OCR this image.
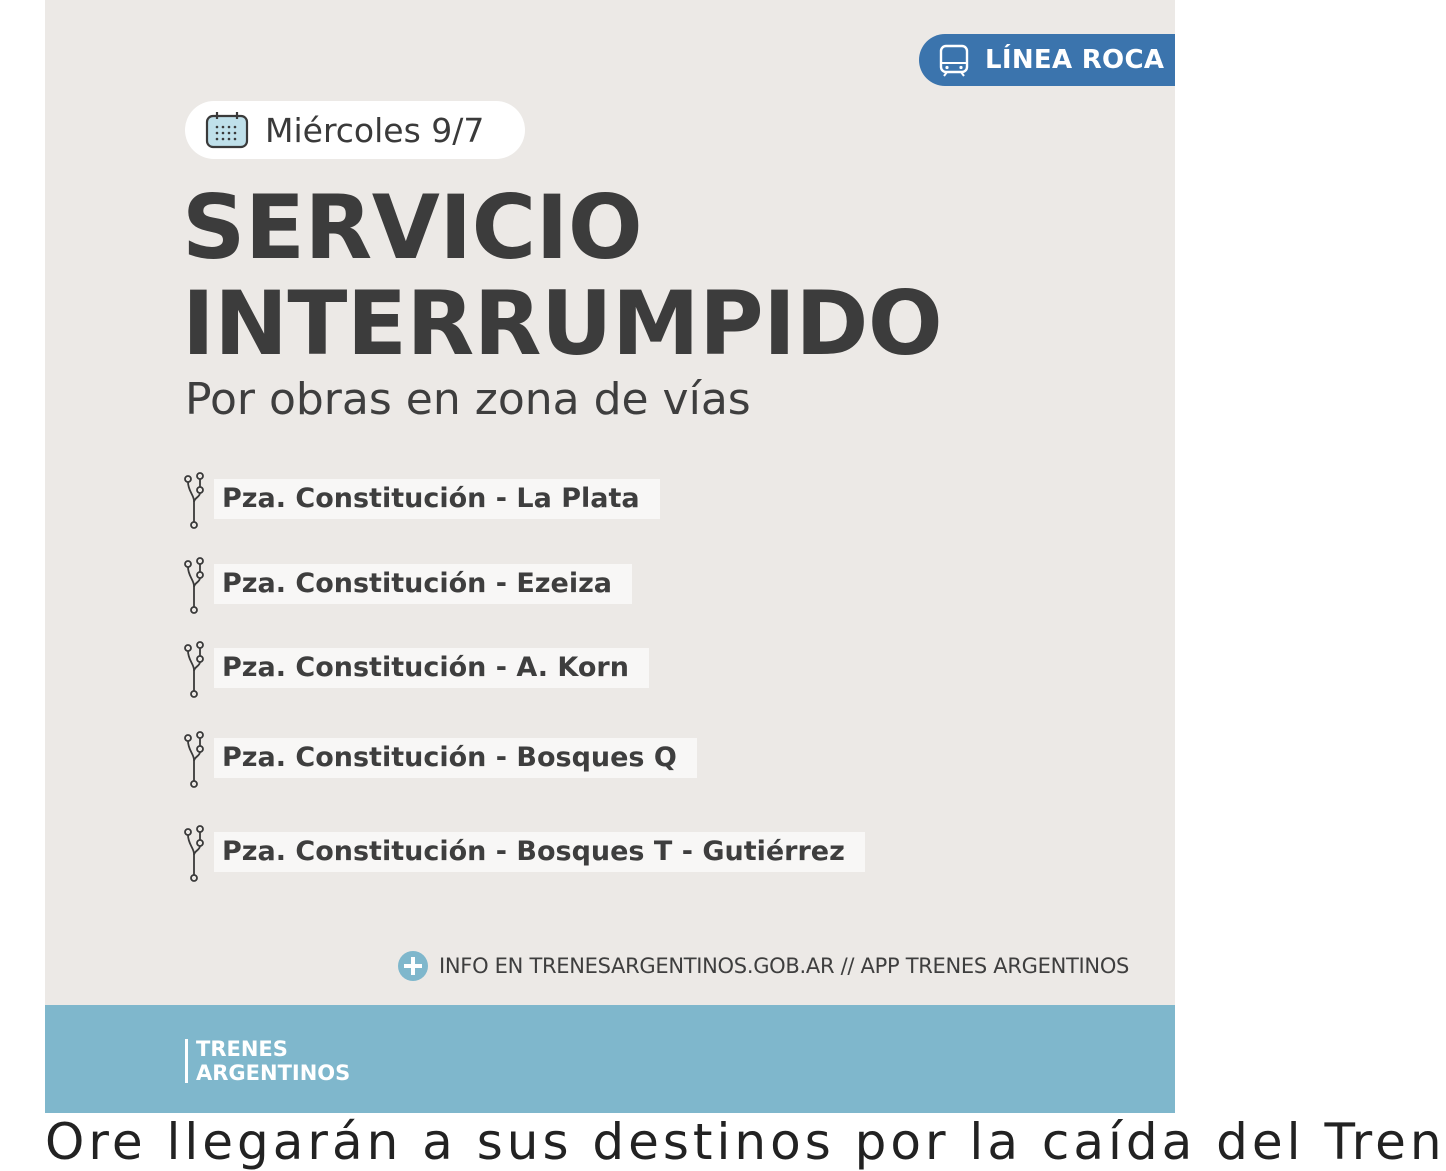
LÍNEA ROCA
Miércoles 9/7
SERVICIO
INTERRUMPIDO

Por obras en zona de vías

Pza. Constitución - La Plata
Pza. Constitución - Ezeiza
Pza. Constitución - A. Korn
Pza. Constitución - Bosques Q
Pza. Constitución - Bosques T - Gutiérrez
INFO EN TRENESARGENTINOS.GOB.AR // APP TRENES ARGENTINOS
TRENES
ARGENTINOS
Ore llegarán a sus destinos por la caída del Tren
